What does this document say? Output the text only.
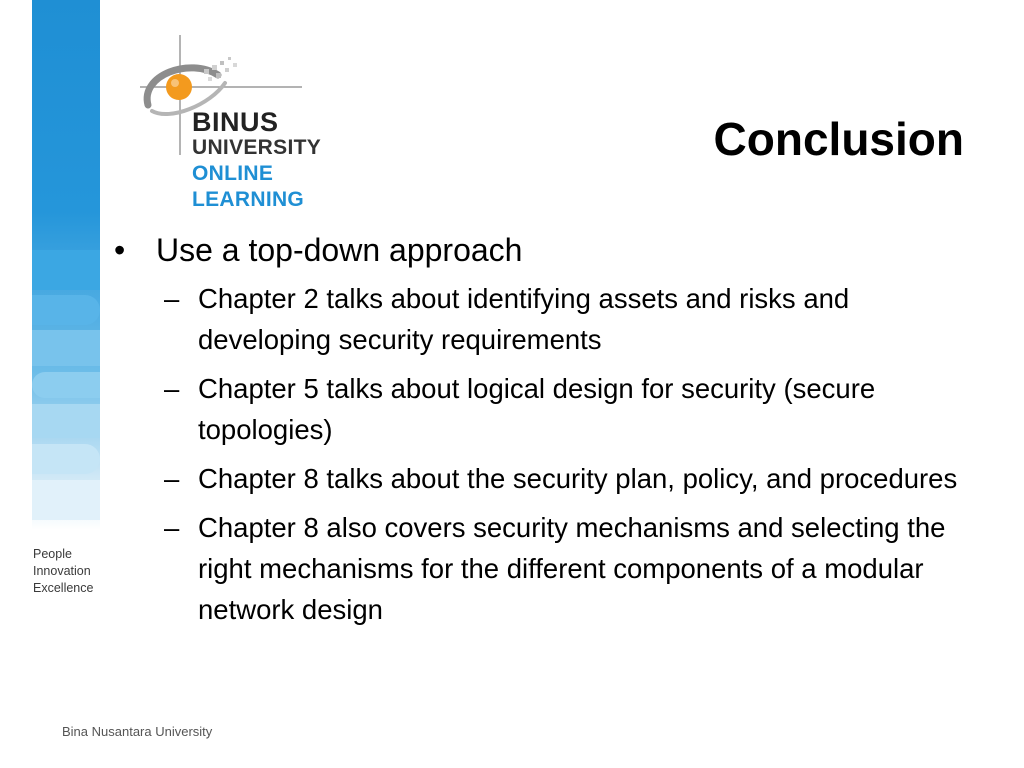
People
Innovation
Excellence
BINUS
UNIVERSITY
ONLINE
LEARNING
Conclusion
• Use a top-down approach
– Chapter 2 talks about identifying assets and risks and developing security requirements
– Chapter 5 talks about logical design for security (secure topologies)
– Chapter 8 talks about the security plan, policy, and procedures
– Chapter 8 also covers security mechanisms and selecting the right mechanisms for the different components of a modular network design
Bina Nusantara University
